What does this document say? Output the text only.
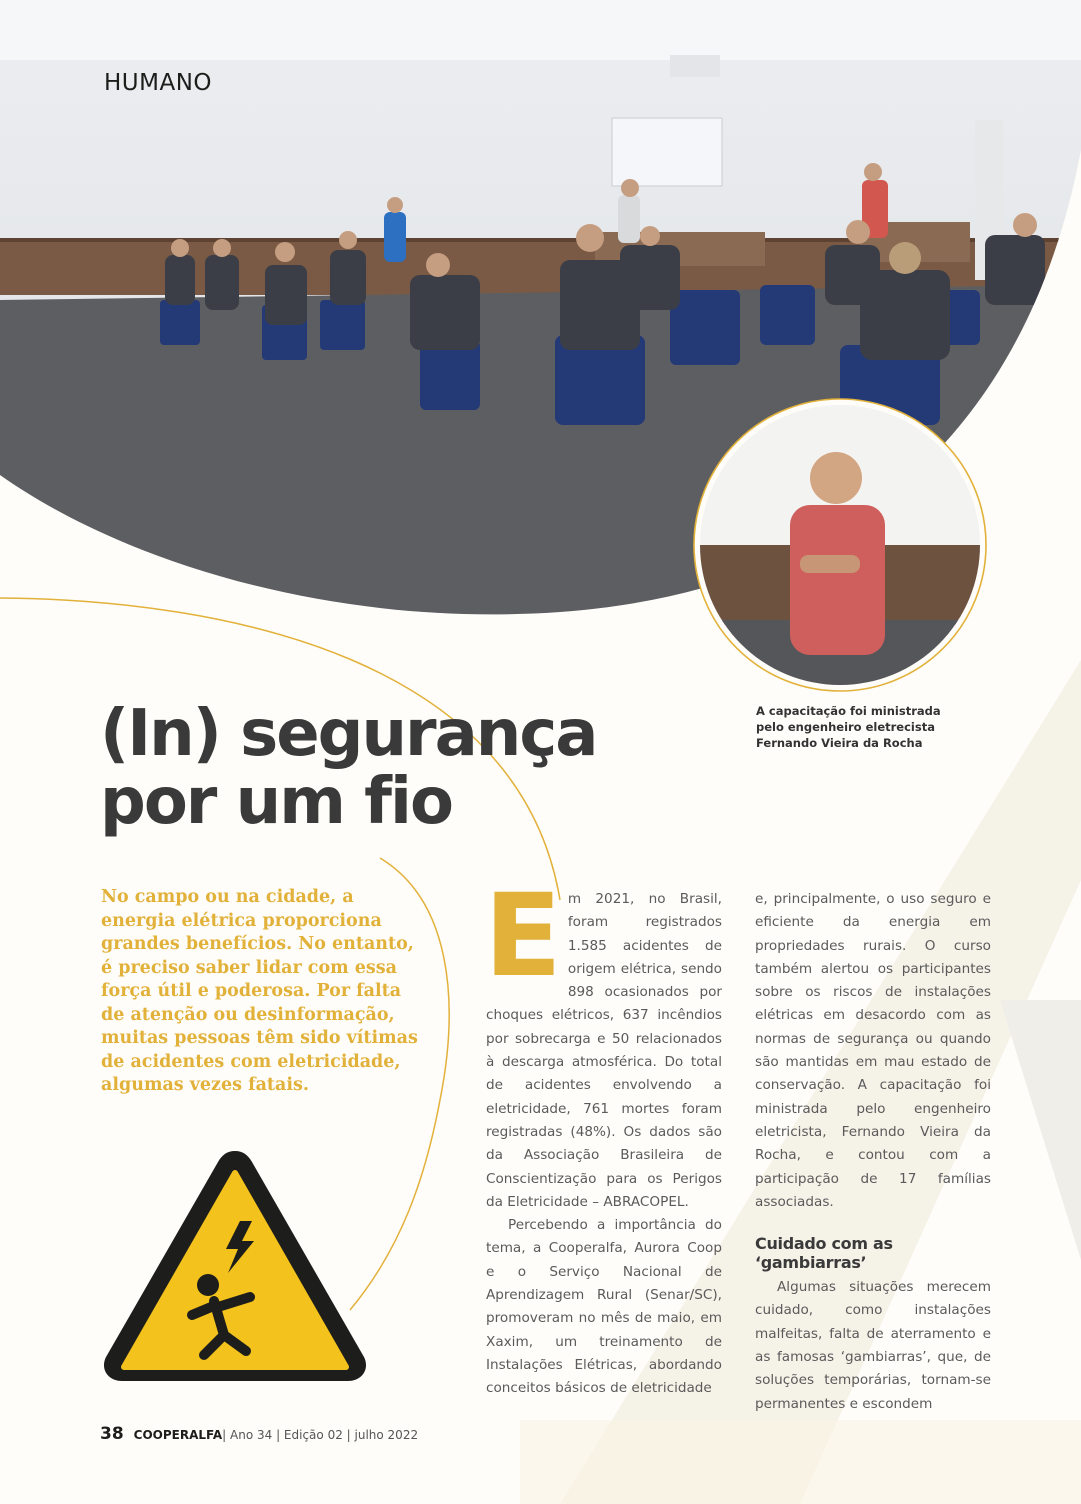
HUMANO
A capacitação foi ministrada pelo engenheiro eletrecista Fernando Vieira da Rocha
(In) segurança
por um fio

No campo ou na cidade, a energia elétrica proporciona grandes benefícios. No entanto, é preciso saber lidar com essa força útil e poderosa. Por falta de atenção ou desinformação, muitas pessoas têm sido vítimas de acidentes com eletricidade, algumas vezes fatais.

Em 2021, no Brasil, foram registrados 1.585 acidentes de origem elétrica, sendo 898 ocasionados por choques elétricos, 637 incêndios por sobrecarga e 50 relacionados à descarga atmosférica. Do total de acidentes envolvendo a eletricidade, 761 mortes foram registradas (48%). Os dados são da Associação Brasileira de Conscientização para os Perigos da Eletricidade – ABRACOPEL.

Percebendo a importância do tema, a Cooperalfa, Aurora Coop e o Serviço Nacional de Aprendizagem Rural (Senar/SC), promoveram no mês de maio, em Xaxim, um treinamento de Instalações Elétricas, abordando conceitos básicos de eletricidade

e, principalmente, o uso seguro e eficiente da energia em propriedades rurais. O curso também alertou os participantes sobre os riscos de instalações elétricas em desacordo com as normas de segurança ou quando são mantidas em mau estado de conservação. A capacitação foi ministrada pelo engenheiro eletricista, Fernando Vieira da Rocha, e contou com a participação de 17 famílias associadas.

Cuidado com as ‘gambiarras’

Algumas situações merecem cuidado, como instalações malfeitas, falta de aterramento e as famosas ‘gambiarras’, que, de soluções temporárias, tornam-se permanentes e escondem

38 COOPERALFA| Ano 34 | Edição 02 | julho 2022
